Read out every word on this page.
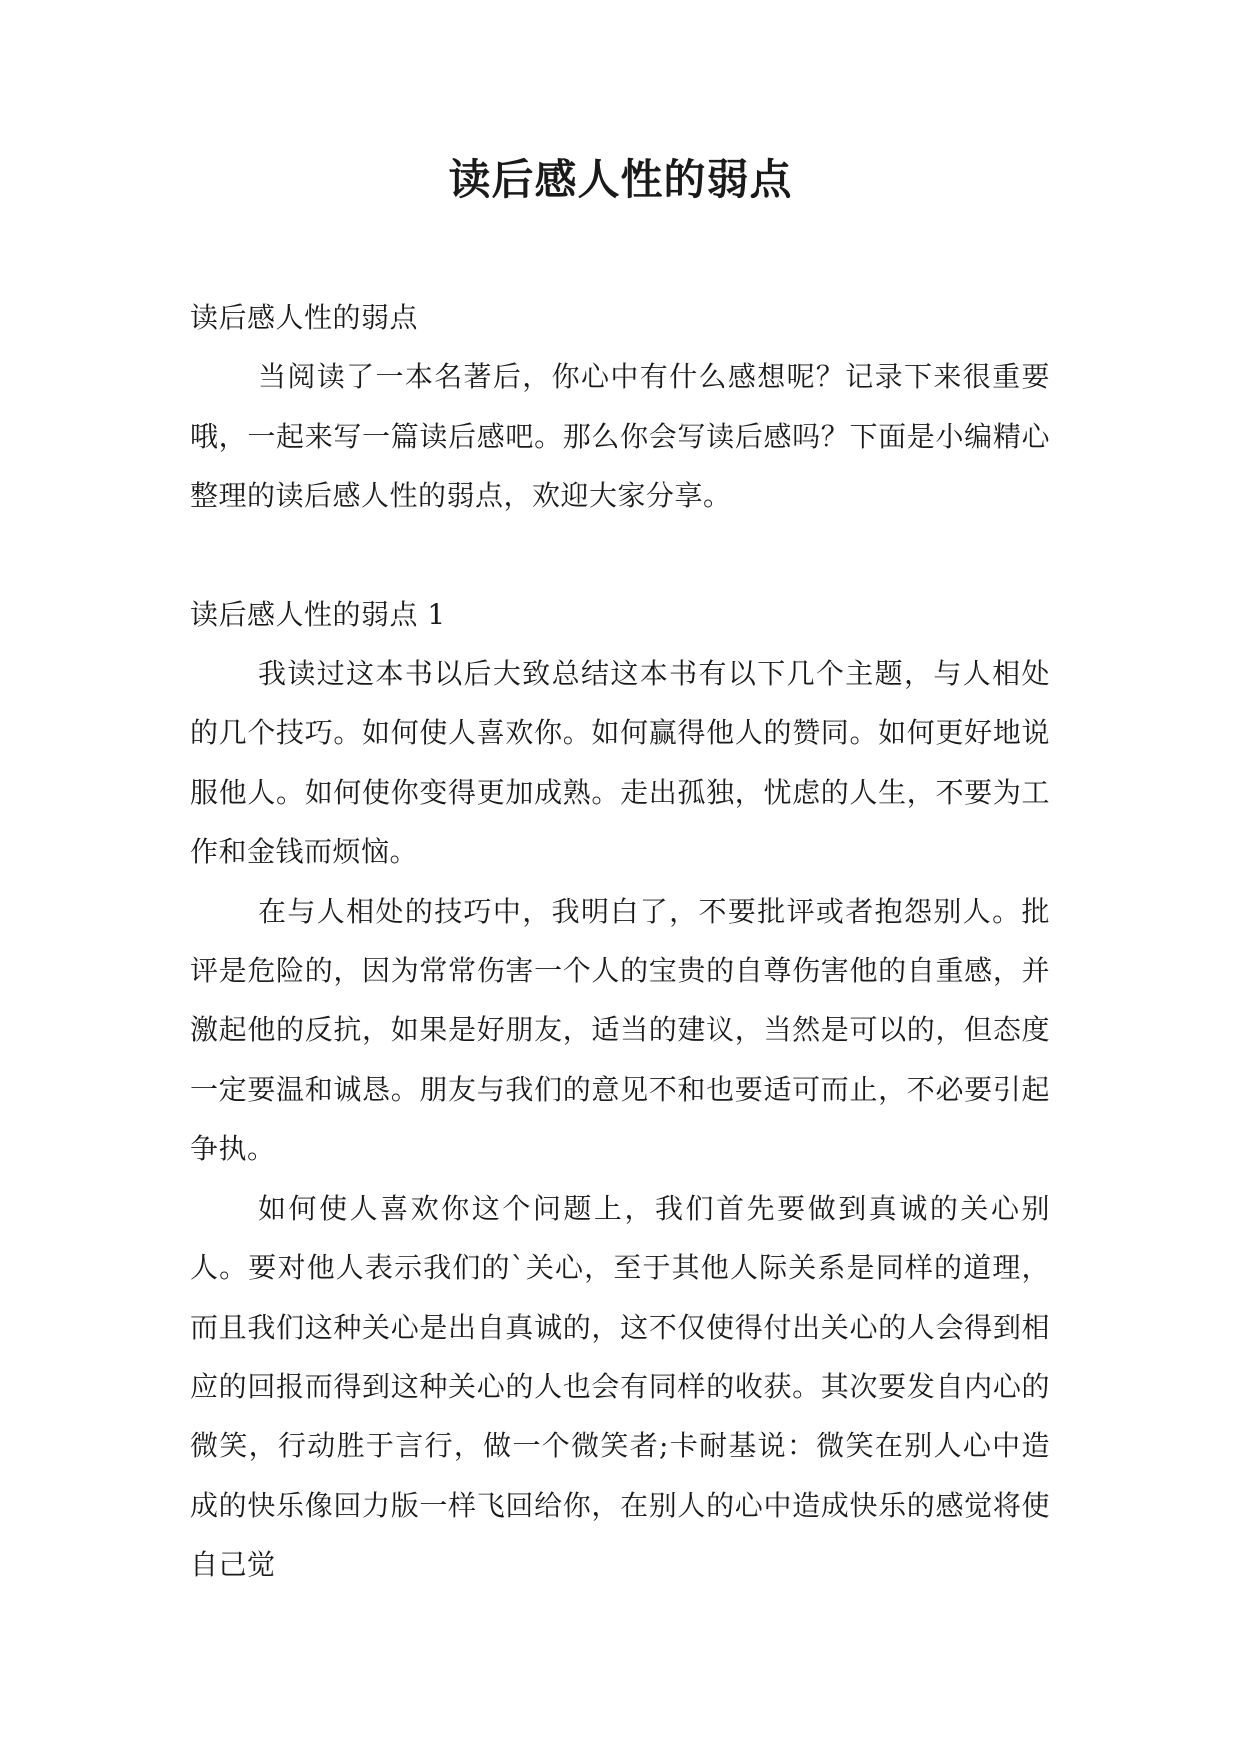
读后感人性的弱点

读后感人性的弱点

当阅读了一本名著后，你心中有什么感想呢？记录下来很重要哦，一起来写一篇读后感吧。那么你会写读后感吗？下面是小编精心整理的读后感人性的弱点，欢迎大家分享。

读后感人性的弱点 1

我读过这本书以后大致总结这本书有以下几个主题，与人相处的几个技巧。如何使人喜欢你。如何赢得他人的赞同。如何更好地说服他人。如何使你变得更加成熟。走出孤独，忧虑的人生，不要为工作和金钱而烦恼。

在与人相处的技巧中，我明白了，不要批评或者抱怨别人。批评是危险的，因为常常伤害一个人的宝贵的自尊伤害他的自重感，并激起他的反抗，如果是好朋友，适当的建议，当然是可以的，但态度一定要温和诚恳。朋友与我们的意见不和也要适可而止，不必要引起争执。

如何使人喜欢你这个问题上，我们首先要做到真诚的关心别人。要对他人表示我们的`关心，至于其他人际关系是同样的道理，而且我们这种关心是出自真诚的，这不仅使得付出关心的人会得到相应的回报而得到这种关心的人也会有同样的收获。其次要发自内心的微笑，行动胜于言行，做一个微笑者;卡耐基说：微笑在别人心中造成的快乐像回力版一样飞回给你，在别人的心中造成快乐的感觉将使自己觉
